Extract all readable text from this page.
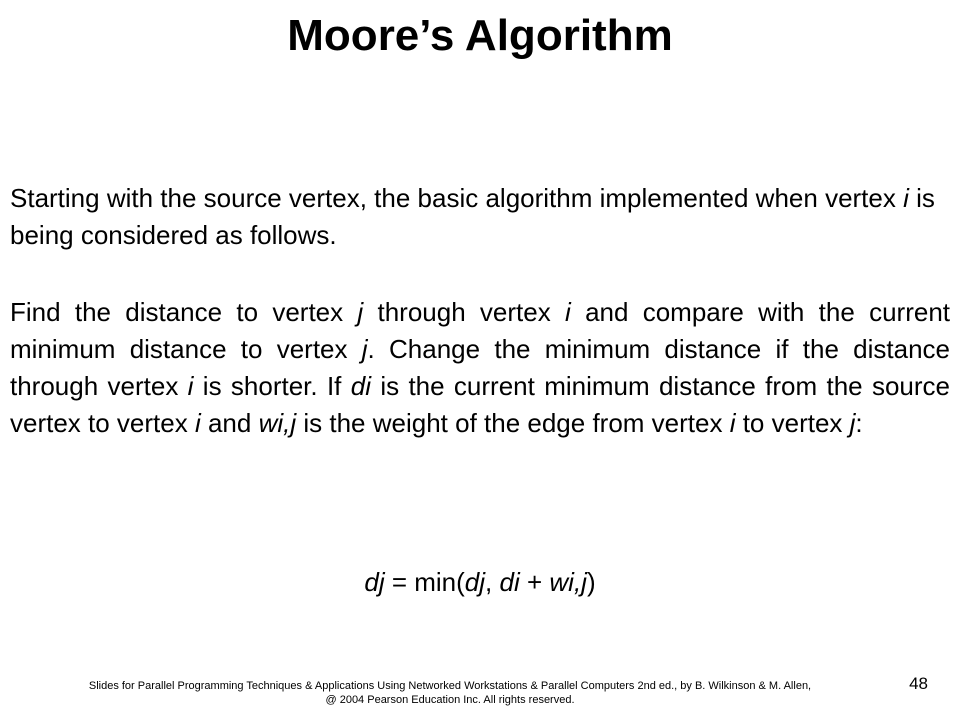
Moore’s Algorithm

Starting with the source vertex, the basic algorithm implemented when vertex i is being considered as follows.

Find the distance to vertex j through vertex i and compare with the current minimum distance to vertex j. Change the minimum distance if the distance through vertex i is shorter. If di is the current minimum distance from the source vertex to vertex i and wi,j is the weight of the edge from vertex i to vertex j:

dj = min(dj, di + wi,j)
Slides for Parallel Programming Techniques & Applications Using Networked Workstations & Parallel Computers 2nd ed., by B. Wilkinson & M. Allen,
@ 2004 Pearson Education Inc. All rights reserved.
48
